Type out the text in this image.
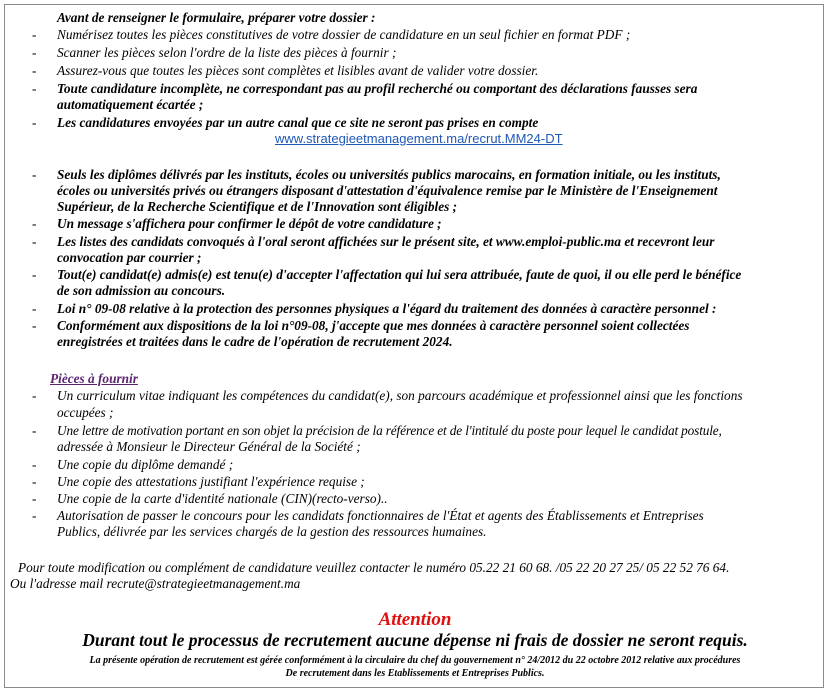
Avant de renseigner le formulaire, préparer votre dossier :
- Numérisez toutes les pièces constitutives de votre dossier de candidature en un seul fichier en format PDF ;
- Scanner les pièces selon l'ordre de la liste des pièces à fournir ;
- Assurez-vous que toutes les pièces sont complètes et lisibles avant de valider votre dossier.
- Toute candidature incomplète, ne correspondant pas au profil recherché ou comportant des déclarations fausses sera
automatiquement écartée ;
- Les candidatures envoyées par un autre canal que ce site ne seront pas prises en compte
www.strategieetmanagement.ma/recrut.MM24-DT
- Seuls les diplômes délivrés par les instituts, écoles ou universités publics marocains, en formation initiale, ou les instituts,
écoles ou universités privés ou étrangers disposant d'attestation d'équivalence remise par le Ministère de l'Enseignement
Supérieur, de la Recherche Scientifique et de l'Innovation sont éligibles ;
- Un message s'affichera pour confirmer le dépôt de votre candidature ;
- Les listes des candidats convoqués à l'oral seront affichées sur le présent site, et www.emploi-public.ma et recevront leur
convocation par courrier ;
- Tout(e) candidat(e) admis(e) est tenu(e) d'accepter l'affectation qui lui sera attribuée, faute de quoi, il ou elle perd le bénéfice
de son admission au concours.
- Loi n° 09-08 relative à la protection des personnes physiques a l'égard du traitement des données à caractère personnel :
- Conformément aux dispositions de la loi n°09-08, j'accepte que mes données à caractère personnel soient collectées
enregistrées et traitées dans le cadre de l'opération de recrutement 2024.
Pièces à fournir
- Un curriculum vitae indiquant les compétences du candidat(e), son parcours académique et professionnel ainsi que les fonctions
occupées ;
- Une lettre de motivation portant en son objet la précision de la référence et de l'intitulé du poste pour lequel le candidat postule,
adressée à Monsieur le Directeur Général de la Société ;
- Une copie du diplôme demandé ;
- Une copie des attestations justifiant l'expérience requise ;
- Une copie de la carte d'identité nationale (CIN)(recto-verso)..
- Autorisation de passer le concours pour les candidats fonctionnaires de l'État et agents des Établissements et Entreprises
Publics, délivrée par les services chargés de la gestion des ressources humaines.
Pour toute modification ou complément de candidature veuillez contacter le numéro 05.22 21 60 68. /05 22 20 27 25/ 05 22 52 76 64.
Ou l'adresse mail recrute@strategieetmanagement.ma
Attention
Durant tout le processus de recrutement aucune dépense ni frais de dossier ne seront requis.
La présente opération de recrutement est gérée conformément à la circulaire du chef du gouvernement n° 24/2012 du 22 octobre 2012 relative aux procédures
De recrutement dans les Etablissements et Entreprises Publics.
